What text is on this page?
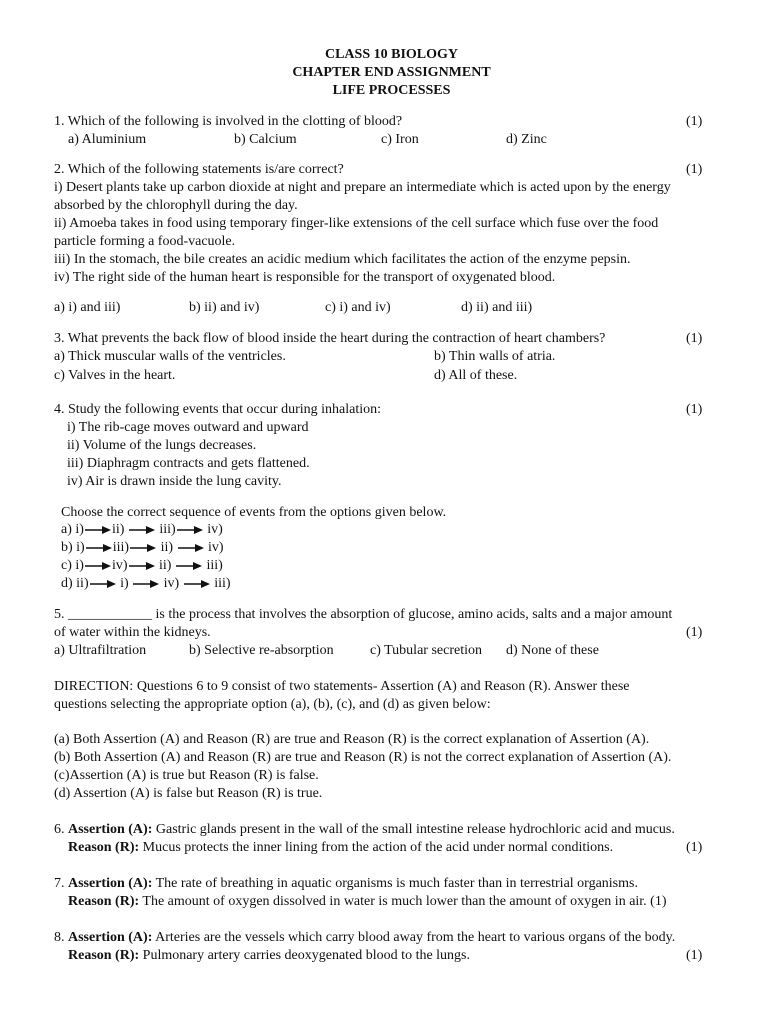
CLASS 10 BIOLOGY
CHAPTER END ASSIGNMENT
LIFE PROCESSES
1. Which of the following is involved in the clotting of blood?	(1)
a) Aluminium	b) Calcium	c) Iron	d) Zinc
2. Which of the following statements is/are correct?	(1)
i) Desert plants take up carbon dioxide at night and prepare an intermediate which is acted upon by the energy
absorbed by the chlorophyll during the day.
ii) Amoeba takes in food using temporary finger-like extensions of the cell surface which fuse over the food
particle forming a food-vacuole.
iii) In the stomach, the bile creates an acidic medium which facilitates the action of the enzyme pepsin.
iv) The right side of the human heart is responsible for the transport of oxygenated blood.
a) i) and iii)	b) ii) and iv)	c) i) and iv)	d) ii) and iii)
3. What prevents the back flow of blood inside the heart during the contraction of heart chambers?	(1)
a) Thick muscular walls of the ventricles.	b) Thin walls of atria.
c) Valves in the heart.	d) All of these.
4. Study the following events that occur during inhalation:	(1)
i) The rib-cage moves outward and upward
ii) Volume of the lungs decreases.
iii) Diaphragm contracts and gets flattened.
iv) Air is drawn inside the lung cavity.
Choose the correct sequence of events from the options given below.
a) i) ii)	iii) iv)
b) i) iii) ii)	iv)
c) i) iv) ii)	iii)
d) ii) i)	iv)	iii)
5. ____________ is the process that involves the absorption of glucose, amino acids, salts and a major amount
of water within the kidneys.	(1)
a) Ultrafiltration	b) Selective re-absorption	c) Tubular secretion d) None of these
DIRECTION: Questions 6 to 9 consist of two statements- Assertion (A) and Reason (R). Answer these
questions selecting the appropriate option (a), (b), (c), and (d) as given below:
(a) Both Assertion (A) and Reason (R) are true and Reason (R) is the correct explanation of Assertion (A).
(b) Both Assertion (A) and Reason (R) are true and Reason (R) is not the correct explanation of Assertion (A).
(c)Assertion (A) is true but Reason (R) is false.
(d) Assertion (A) is false but Reason (R) is true.
6. Assertion (A): Gastric glands present in the wall of the small intestine release hydrochloric acid and mucus.
Reason (R): Mucus protects the inner lining from the action of the acid under normal conditions.	(1)
7. Assertion (A): The rate of breathing in aquatic organisms is much faster than in terrestrial organisms.
Reason (R): The amount of oxygen dissolved in water is much lower than the amount of oxygen in air. (1)
8. Assertion (A): Arteries are the vessels which carry blood away from the heart to various organs of the body.
Reason (R): Pulmonary artery carries deoxygenated blood to the lungs.	(1)
